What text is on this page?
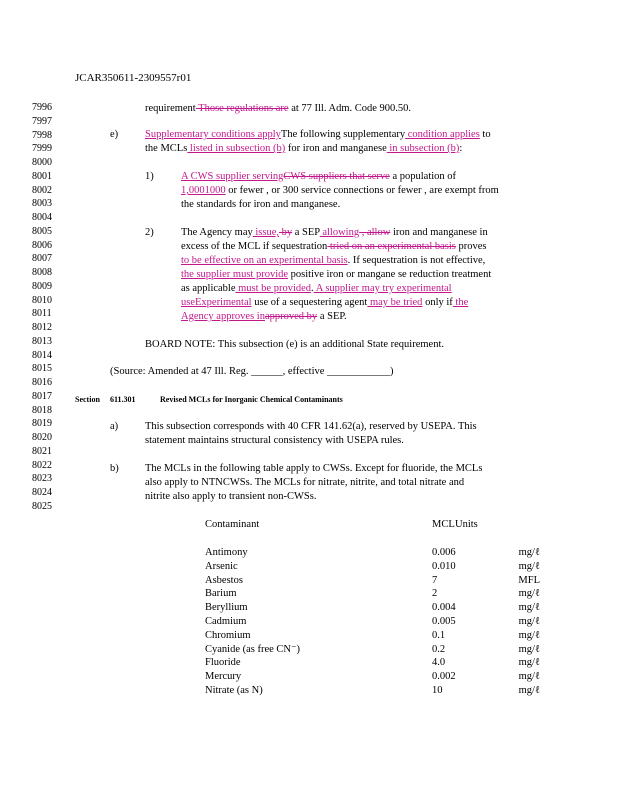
JCAR350611-2309557r01
7996
7997
7998
7999
8000
8001
8002
8003
8004
8005
8006
8007
8008
8009
8010
8011
8012
8013
8014
8015
8016
8017
8018
8019
8020
8021
8022
8023
8024
8025
requirement Those regulations are at 77 Ill. Adm. Code 900.50.
e)	Supplementary conditions applyThe following supplementary condition applies to
the MCLs listed in subsection (b) for iron and manganese in subsection (b):
1)	A CWS supplier servingCWS suppliers that serve a population of
1,0001000 or fewer , or 300 service connections or fewer , are exempt from
the standards for iron and manganese.
2)	The Agency may issue, by a SEP allowing , allow iron and manganese in
excess of the MCL if sequestration tried on an experimental basis proves
to be effective on an experimental basis. If sequestration is not effective,
the supplier must provide positive iron or mangane se reduction treatment
as applicable must be provided. A supplier may try experimental
useExperimental use of a sequestering agent may be tried only if the
Agency approves inapproved by a SEP.
BOARD NOTE: This subsection (e) is an additional State requirement.
(Source: Amended at 47 Ill. Reg. ______, effective ____________)
Section 611.301	Revised MCLs for Inorganic Chemical Contaminants
a)	This subsection corresponds with 40 CFR 141.62(a), reserved by USEPA. This
statement maintains structural consistency with USEPA rules.
b)	The MCLs in the following table apply to CWSs. Except for fluoride, the MCLs
also apply to NTNCWSs. The MCLs for nitrate, nitrite, and total nitrate and
nitrite also apply to transient non-CWSs.
Contaminant	MCL Units
Antimony	0.006	mg/ℓ
Arsenic	0.010	mg/ℓ
Asbestos	7	MFL
Barium	2	mg/ℓ
Beryllium	0.004	mg/ℓ
Cadmium	0.005	mg/ℓ
Chromium	0.1	mg/ℓ
Cyanide (as free CN⁻)	0.2	mg/ℓ
Fluoride	4.0	mg/ℓ
Mercury	0.002	mg/ℓ
Nitrate (as N)	10	mg/ℓ
